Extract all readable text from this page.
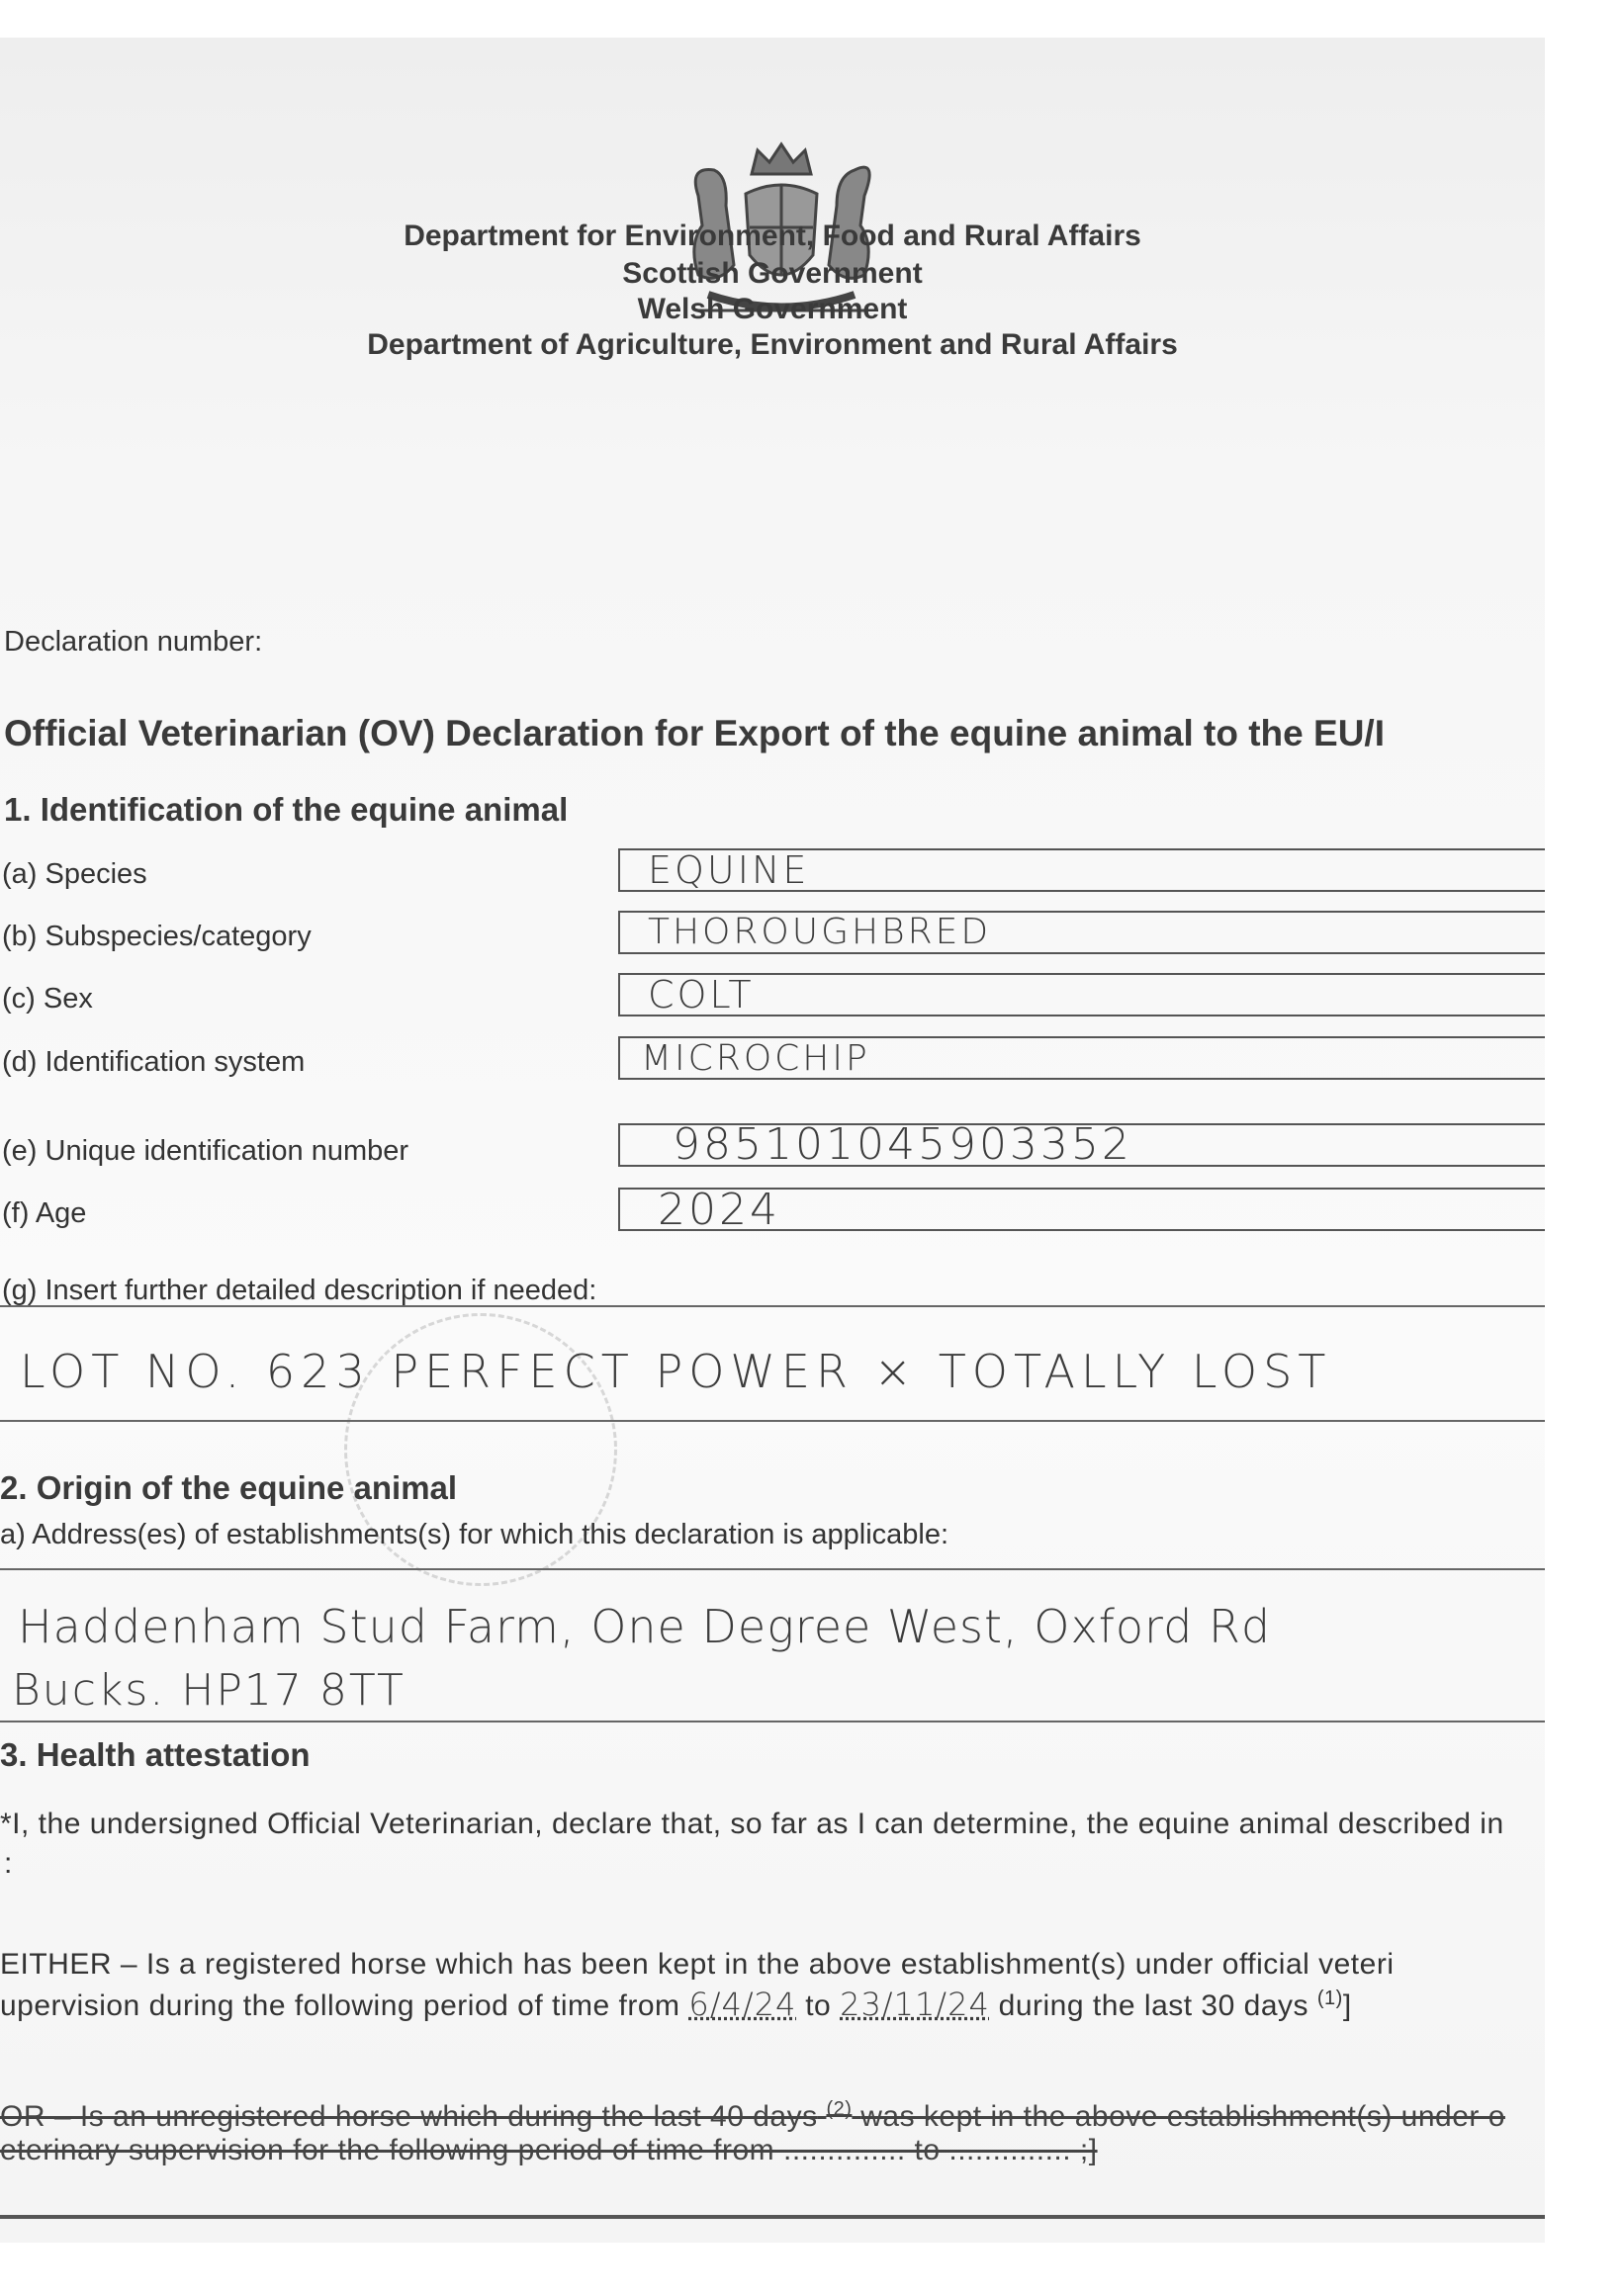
Department for Environment, Food and Rural Affairs
Scottish Government
Welsh Government
Department of Agriculture, Environment and Rural Affairs
Declaration number:
Official Veterinarian (OV) Declaration for Export of the equine animal to the EU/I
1. Identification of the equine animal
(a) Species	EQUINE
(b) Subspecies/category	THOROUGHBRED
(c) Sex	COLT
(d) Identification system	MICROCHIP
(e) Unique identification number	985101045903352
(f) Age	2024
(g) Insert further detailed description if needed:
LOT NO. 623 PERFECT POWER × TOTALLY LOST
2. Origin of the equine animal
a) Address(es) of establishments(s) for which this declaration is applicable:
Haddenham Stud Farm, One Degree West, Oxford Rd
Bucks. HP17 8TT
3. Health attestation
*I, the undersigned Official Veterinarian, declare that, so far as I can determine, the equine animal described in
:
EITHER – Is a registered horse which has been kept in the above establishment(s) under official veteri
upervision during the following period of time from 6/4/24 to 23/11/24 during the last 30 days $^{(1)}$]
OR – Is an unregistered horse which during the last 40 days $^{(2)}$ was kept in the above establishment(s) under o
eterinary supervision for the following period of time from .............. to .............. ;]
